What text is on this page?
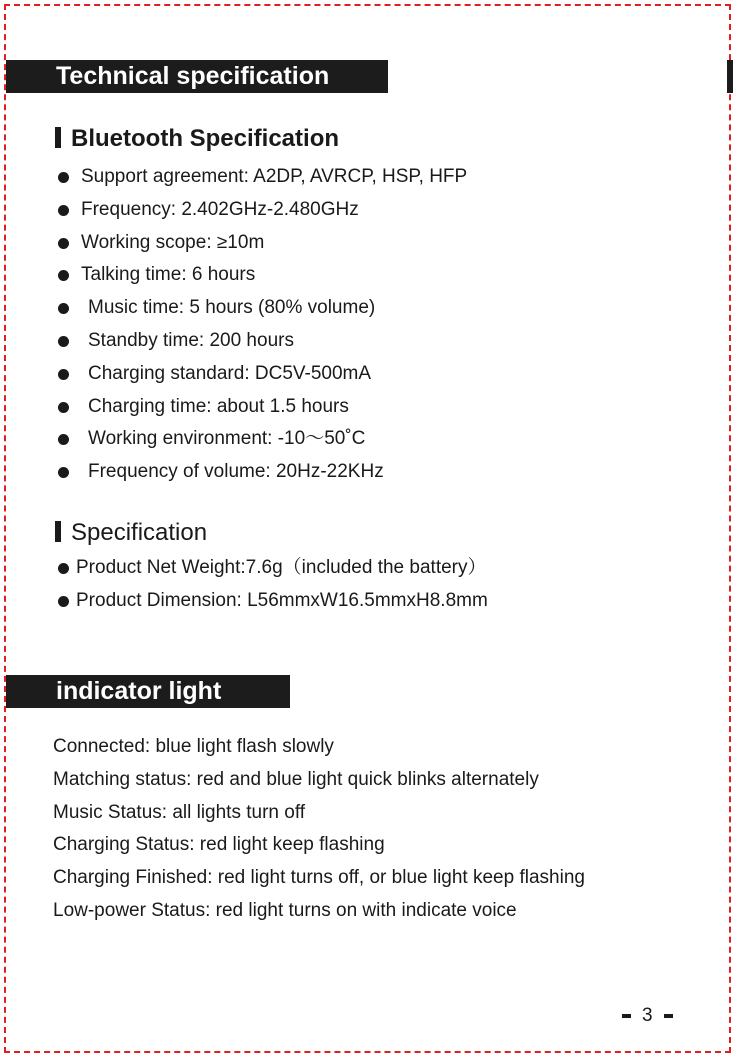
Technical specification
Bluetooth Specification
Support agreement: A2DP, AVRCP, HSP, HFP
Frequency: 2.402GHz-2.480GHz
Working scope: ≥10m
Talking time: 6 hours
Music time: 5 hours (80% volume)
Standby time: 200 hours
Charging standard: DC5V-500mA
Charging time: about 1.5 hours
Working environment: -10～50˚C
Frequency of volume: 20Hz-22KHz
Specification
Product Net Weight:7.6g（included the battery）
Product Dimension: L56mmxW16.5mmxH8.8mm
indicator light
Connected: blue light flash slowly
Matching status: red and blue light quick blinks alternately
Music Status: all lights turn off
Charging Status: red light keep flashing
Charging Finished: red light turns off, or blue light keep flashing
Low-power Status: red light turns on with indicate voice
3
